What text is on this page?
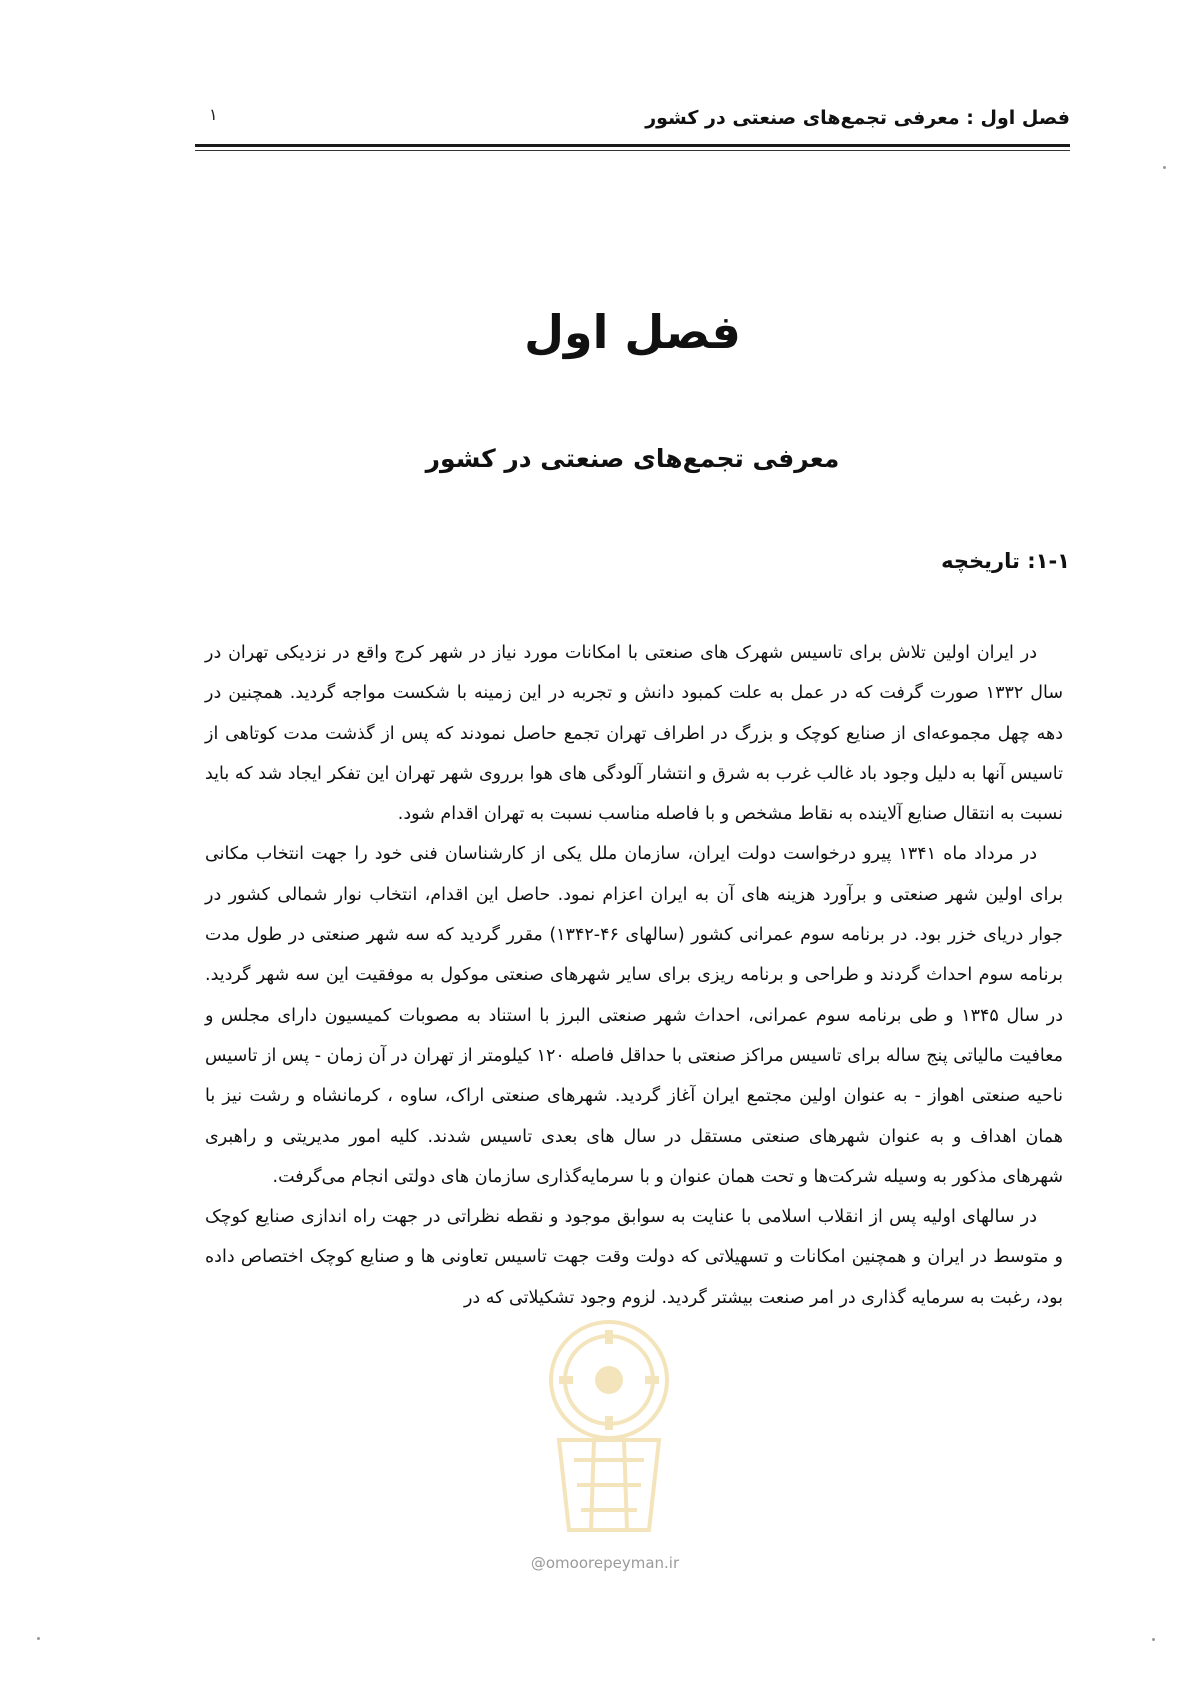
فصل اول : معرفی تجمع‌های صنعتی در کشور
۱
فصل اول
معرفی تجمع‌های صنعتی در کشور
۱-۱: تاریخچه

در ایران اولین تلاش برای تاسیس شهرک های صنعتی با امکانات مورد نیاز در شهر کرج واقع در نزدیکی تهران در سال ۱۳۳۲ صورت گرفت که در عمل به علت کمبود دانش و تجربه در این زمینه با شکست مواجه گردید. همچنین در دهه چهل مجموعه‌ای از صنایع کوچک و بزرگ در اطراف تهران تجمع حاصل نمودند که پس از گذشت مدت کوتاهی از تاسیس آنها به دلیل وجود باد غالب غرب به شرق و انتشار آلودگی های هوا برروی شهر تهران این تفکر ایجاد شد که باید نسبت به انتقال صنایع آلاینده به نقاط مشخص و با فاصله مناسب نسبت به تهران اقدام شود.

در مرداد ماه ۱۳۴۱ پیرو درخواست دولت ایران، سازمان ملل یکی از کارشناسان فنی خود را جهت انتخاب مکانی برای اولین شهر صنعتی و برآورد هزینه های آن به ایران اعزام نمود. حاصل این اقدام، انتخاب نوار شمالی کشور در جوار دریای خزر بود. در برنامه سوم عمرانی کشور (سالهای ۴۶-۱۳۴۲) مقرر گردید که سه شهر صنعتی در طول مدت برنامه سوم احداث گردند و طراحی و برنامه ریزی برای سایر شهرهای صنعتی موکول به موفقیت این سه شهر گردید. در سال ۱۳۴۵ و طی برنامه سوم عمرانی، احداث شهر صنعتی البرز با استناد به مصوبات کمیسیون دارای مجلس و معافیت مالیاتی پنج ساله برای تاسیس مراکز صنعتی با حداقل فاصله ۱۲۰ کیلومتر از تهران در آن زمان - پس از تاسیس ناحیه صنعتی اهواز - به عنوان اولین مجتمع ایران آغاز گردید. شهرهای صنعتی اراک، ساوه ، کرمانشاه و رشت نیز با همان اهداف و به عنوان شهرهای صنعتی مستقل در سال های بعدی تاسیس شدند. کلیه امور مدیریتی و راهبری شهرهای مذکور به وسیله شرکت‌ها و تحت همان عنوان و با سرمایه‌گذاری سازمان های دولتی انجام می‌گرفت.

در سالهای اولیه پس از انقلاب اسلامی با عنایت به سوابق موجود و نقطه نظراتی در جهت راه اندازی صنایع کوچک و متوسط در ایران و همچنین امکانات و تسهیلاتی که دولت وقت جهت تاسیس تعاونی ها و صنایع کوچک اختصاص داده بود، رغبت به سرمایه گذاری در امر صنعت بیشتر گردید. لزوم وجود تشکیلاتی که در

@omoorepeyman.ir
